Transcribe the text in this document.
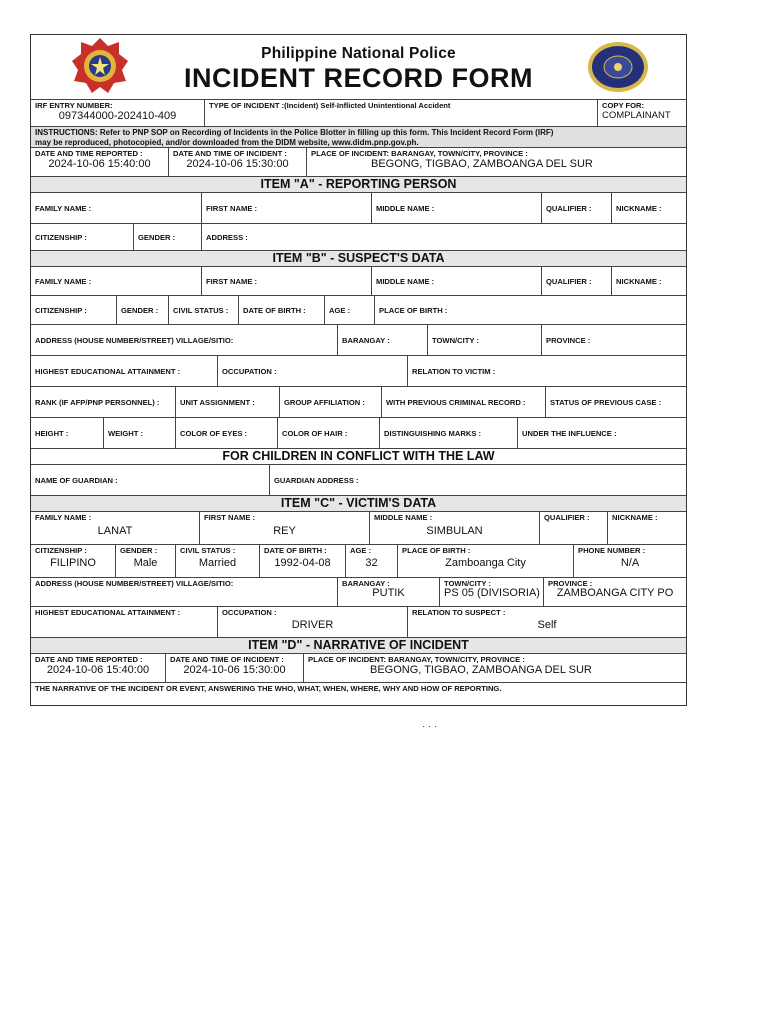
Philippine National Police
INCIDENT RECORD FORM
IRF ENTRY NUMBER:
097344000-202410-409
TYPE OF INCIDENT :(Incident) Self-Inflicted Unintentional Accident	COPY FOR:
COMPLAINANT
INSTRUCTIONS: Refer to PNP SOP on Recording of Incidents in the Police Blotter in filling up this form. This Incident Record Form (IRF)
may be reproduced, photocopied, and/or downloaded from the DIDM website, www.didm.pnp.gov.ph.
DATE AND TIME REPORTED :
2024-10-06 15:40:00
DATE AND TIME OF INCIDENT :
2024-10-06 15:30:00
PLACE OF INCIDENT: BARANGAY, TOWN/CITY, PROVINCE :
BEGONG, TIGBAO, ZAMBOANGA DEL SUR
ITEM "A" - REPORTING PERSON
FAMILY NAME :	FIRST NAME :	MIDDLE NAME :	QUALIFIER :	NICKNAME :
CITIZENSHIP :	GENDER :	ADDRESS :
ITEM "B" - SUSPECT'S DATA
FAMILY NAME :	FIRST NAME :	MIDDLE NAME :	QUALIFIER :	NICKNAME :
CITIZENSHIP :	GENDER :	CIVIL STATUS :	DATE OF BIRTH :	AGE :	PLACE OF BIRTH :
ADDRESS (HOUSE NUMBER/STREET) VILLAGE/SITIO:	BARANGAY :	TOWN/CITY :	PROVINCE :
HIGHEST EDUCATIONAL ATTAINMENT :	OCCUPATION :	RELATION TO VICTIM :
RANK (IF AFP/PNP PERSONNEL) :	UNIT ASSIGNMENT :	GROUP AFFILIATION :	WITH PREVIOUS CRIMINAL RECORD :	STATUS OF PREVIOUS CASE :
HEIGHT :	WEIGHT :	COLOR OF EYES :	COLOR OF HAIR :	DISTINGUISHING MARKS :	UNDER THE INFLUENCE :
FOR CHILDREN IN CONFLICT WITH THE LAW
NAME OF GUARDIAN :	GUARDIAN ADDRESS :
ITEM "C" - VICTIM'S DATA
FAMILY NAME :
LANAT
FIRST NAME :
REY
MIDDLE NAME :
SIMBULAN
QUALIFIER :	NICKNAME :
CITIZENSHIP :
FILIPINO
GENDER :
Male
CIVIL STATUS :
Married
DATE OF BIRTH :
1992-04-08
AGE :
32
PLACE OF BIRTH :
Zamboanga City
PHONE NUMBER :
N/A
ADDRESS (HOUSE NUMBER/STREET) VILLAGE/SITIO:	BARANGAY :
PUTIK
TOWN/CITY :
PS 05 (DIVISORIA)
PROVINCE :
ZAMBOANGA CITY PO
HIGHEST EDUCATIONAL ATTAINMENT :	OCCUPATION :
DRIVER
RELATION TO SUSPECT :
Self
ITEM "D" - NARRATIVE OF INCIDENT
DATE AND TIME REPORTED :
2024-10-06 15:40:00
DATE AND TIME OF INCIDENT :
2024-10-06 15:30:00
PLACE OF INCIDENT: BARANGAY, TOWN/CITY, PROVINCE :
BEGONG, TIGBAO, ZAMBOANGA DEL SUR
THE NARRATIVE OF THE INCIDENT OR EVENT, ANSWERING THE WHO, WHAT, WHEN, WHERE, WHY AND HOW OF REPORTING.
⋅ ⋅ ⋅
